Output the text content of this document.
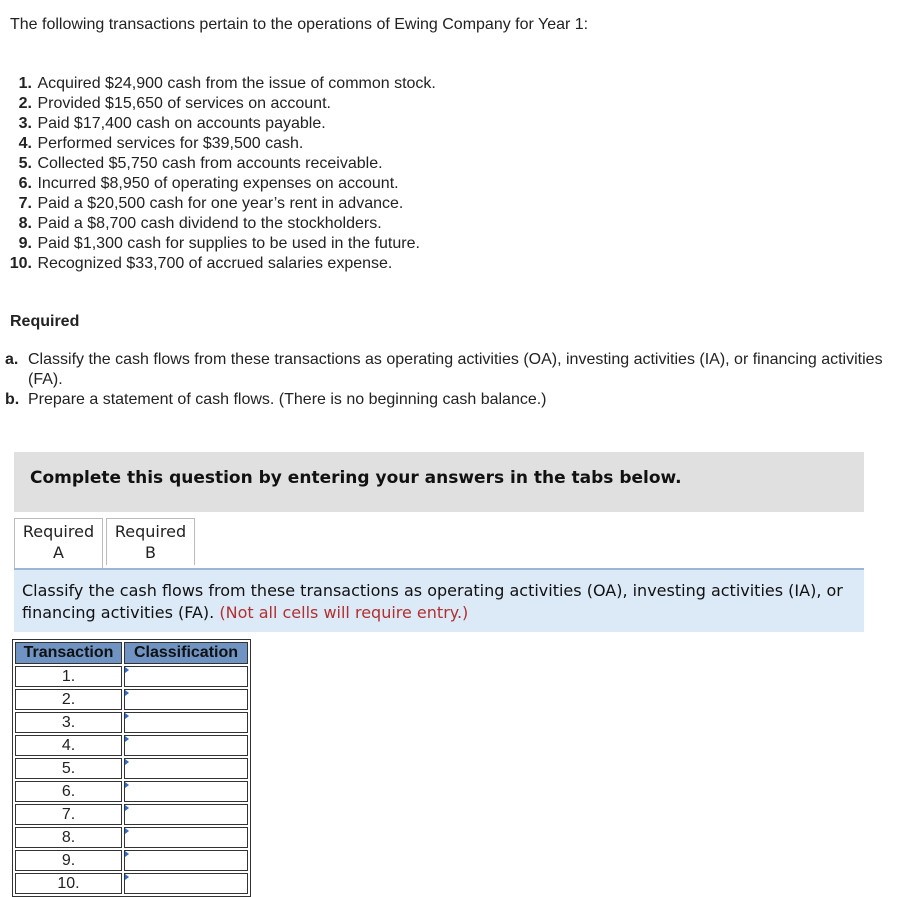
The following transactions pertain to the operations of Ewing Company for Year 1:
1.
Acquired $24,900 cash from the issue of common stock.
2.
Provided $15,650 of services on account.
3.
Paid $17,400 cash on accounts payable.
4.
Performed services for $39,500 cash.
5.
Collected $5,750 cash from accounts receivable.
6.
Incurred $8,950 of operating expenses on account.
7.
Paid a $20,500 cash for one year’s rent in advance.
8.
Paid a $8,700 cash dividend to the stockholders.
9.
Paid $1,300 cash for supplies to be used in the future.
10.
Recognized $33,700 of accrued salaries expense.
Required
a. Classify the cash flows from these transactions as operating activities (OA), investing activities (IA), or financing activities (FA).
b. Prepare a statement of cash flows. (There is no beginning cash balance.)
Complete this question by entering your answers in the tabs below.
Required
A
Required
B

Classify the cash flows from these transactions as operating activities (OA), investing activities (IA), or financing activities (FA). (Not all cells will require entry.)

Transaction	Classification
1.	
2.	
3.	
4.	
5.	
6.	
7.	
8.	
9.	
10.	
